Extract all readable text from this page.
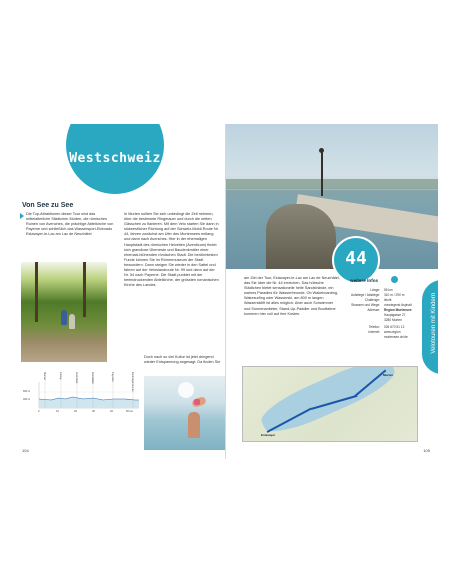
Westschweiz
Von See zu See

Die Top-Attraktionen dieser Tour sind das mittelalterliche Städtchen Murten, die römischen Ruinen von Avenches, die prächtige Abteikirche von Payerne und schließlich das Wassersport-Eldorado Estavayer-le-Lac am Lac de Neuchâtel.

In Murten sollten Sie sich unbedingt die Zeit nehmen, über die bestimmte Ringmauer und durch die netten Gässchen zu flanieren. Mit dem Velo starten Sie dann in südwestlicher Richtung auf der Schweiz-Mobil-Route Nr. 44, fahren zunächst am Ufer des Murtensees entlang und dann nach Avenches. Hier in der ehemaligen Hauptstadt des römischen Helvetien (Aventicum) findet sich grandiose Überreste und Baudenkmäler einer ehemals blühenden römischen Stadt. Die berühmtesten Funde können Sie im Römermuseum der Stadt bewundern. Dann steigen Sie wieder in den Sattel und fahren auf der Veloslandroute Nr. 99 und dann auf der Nr. 54 nach Payerne. Die Stadt punktet mit der beeindruckenden Abteikirche, der grössten romanischen Kirche des Landes.

600 m
400 m
0	10	20	30	40	50 km
Murten	Faoug	Avenches	Domdidier	Payerne	Estavayer-le-Lac

Doch nach so viel Kultur ist jetzt dringend wieder Entspannung angesagt. Da finden Sie

104
44

am Ziel der Tour, Estavayer-le-Lac am Lac de Neuchâtel, das Sie über die Nr. 44 erreichen. Das hübsche Städtchen bietet sensationelle helle Sandstrände, ein wahres Paradies für Wasserfreunde. Ob Wakeboarding, Wakesurfing oder Wasserski, am 800 m langen Wasserskilift ist alles möglich. Aber auch Schwimmer und Sonnenanbeter, Stand-Up-Paddler und Bootfahrer kommen hier voll auf ihre Kosten.

weitere Infos
Länge: 55 km
Aufstiege / Abstiege: 310 m / 290 m
Challenge: leicht
Strassen und Wege: vorwiegend Asphalt
Adresse: Region Murtensee
Hauptgasse 27
3280 Murten
Telefon: 026 670 51 12
Internet: www.region
murtensee.ch/de	Velotouren mit Kindern
Murten
Estavayer
105
